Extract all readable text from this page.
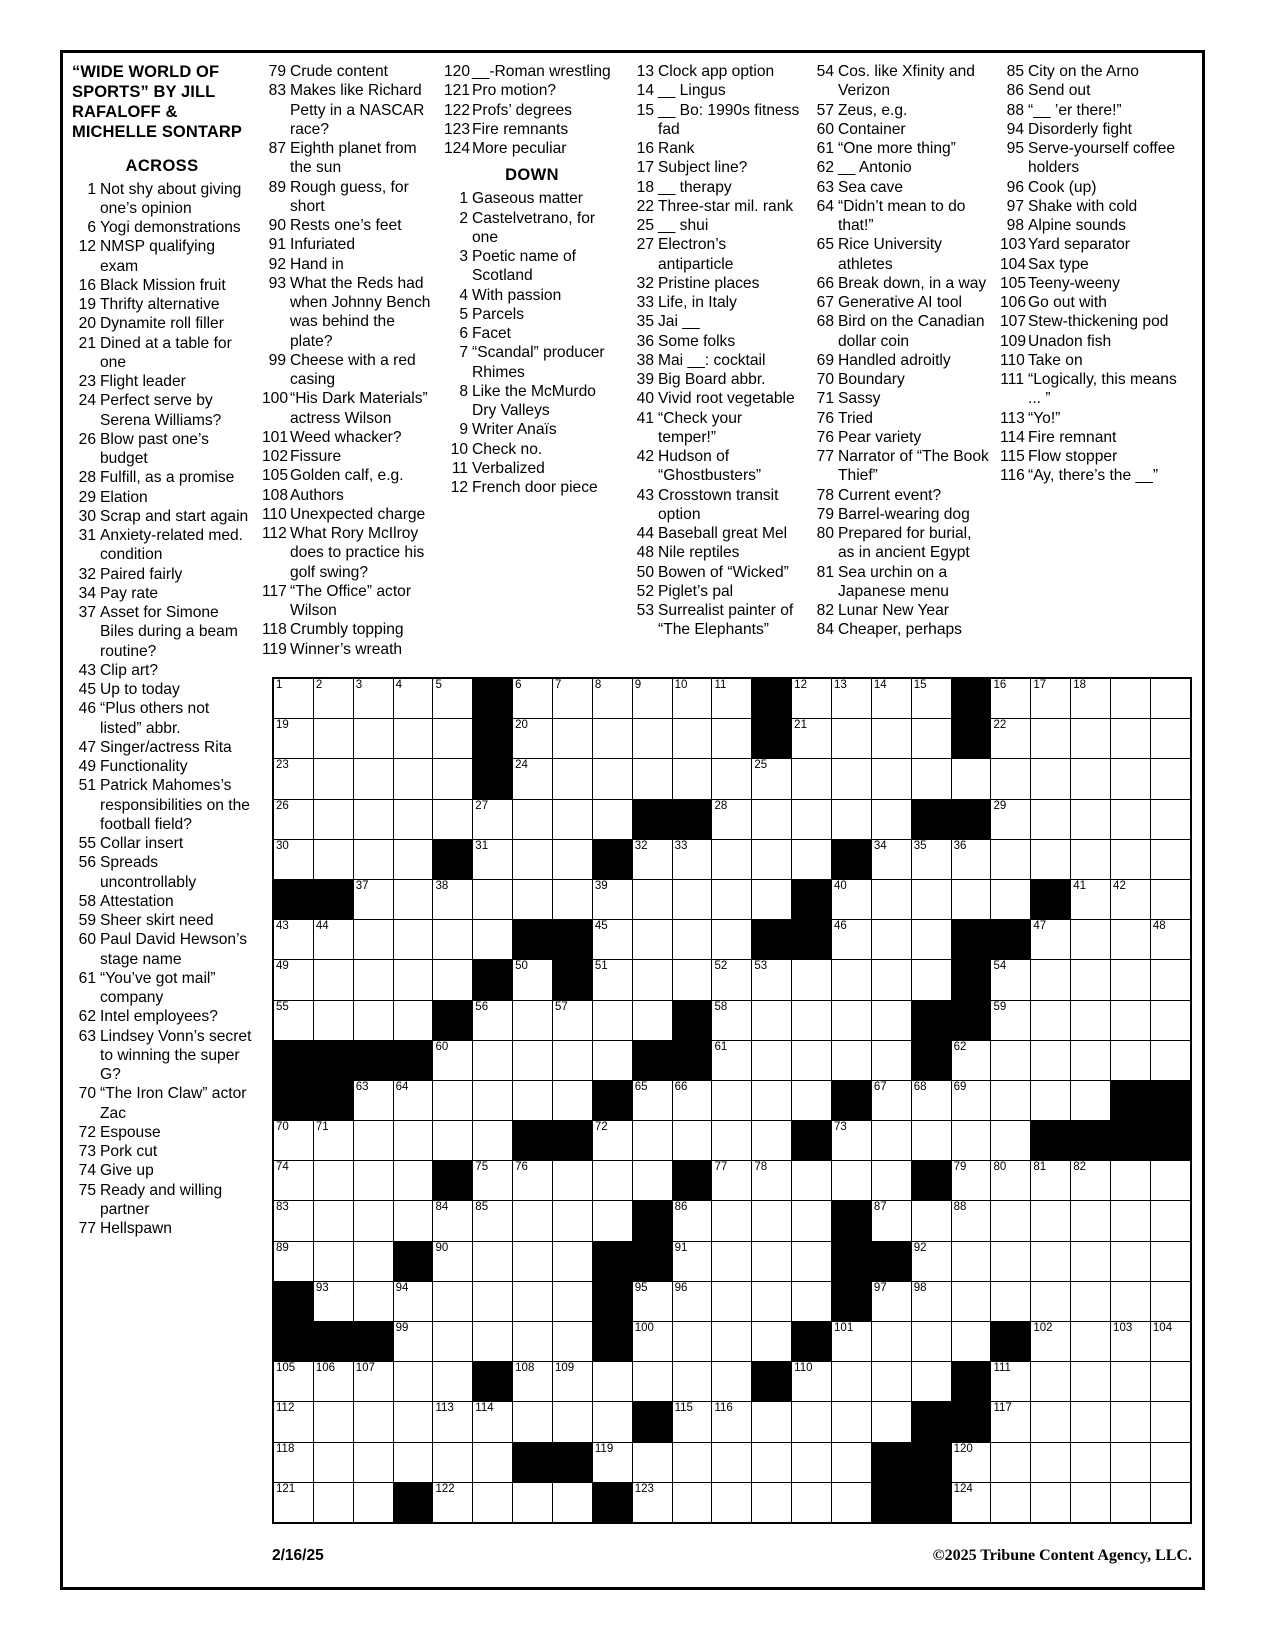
“WIDE WORLD OF SPORTS” BY JILL RAFALOFF & MICHELLE SONTARP
ACROSS
1 Not shy about giving one’s opinion
6 Yogi demonstrations
12 NMSP qualifying exam
16 Black Mission fruit
19 Thrifty alternative
20 Dynamite roll filler
21 Dined at a table for one
23 Flight leader
24 Perfect serve by Serena Williams?
26 Blow past one’s budget
28 Fulfill, as a promise
29 Elation
30 Scrap and start again
31 Anxiety-related med. condition
32 Paired fairly
34 Pay rate
37 Asset for Simone Biles during a beam routine?
43 Clip art?
45 Up to today
46 “Plus others not listed” abbr.
47 Singer/actress Rita
49 Functionality
51 Patrick Mahomes’s responsibilities on the football field?
55 Collar insert
56 Spreads uncontrollably
58 Attestation
59 Sheer skirt need
60 Paul David Hewson’s stage name
61 “You’ve got mail” company
62 Intel employees?
63 Lindsey Vonn’s secret to winning the super G?
70 “The Iron Claw” actor Zac
72 Espouse
73 Pork cut
74 Give up
75 Ready and willing partner
77 Hellspawn
79 Crude content
83 Makes like Richard Petty in a NASCAR race?
87 Eighth planet from the sun
89 Rough guess, for short
90 Rests one’s feet
91 Infuriated
92 Hand in
93 What the Reds had when Johnny Bench was behind the plate?
99 Cheese with a red casing
100 “His Dark Materials” actress Wilson
101 Weed whacker?
102 Fissure
105 Golden calf, e.g.
108 Authors
110 Unexpected charge
112 What Rory McIlroy does to practice his golf swing?
117 “The Office” actor Wilson
118 Crumbly topping
119 Winner’s wreath
120 __-Roman wrestling
121 Pro motion?
122 Profs’ degrees
123 Fire remnants
124 More peculiar
DOWN
1 Gaseous matter
2 Castelvetrano, for one
3 Poetic name of Scotland
4 With passion
5 Parcels
6 Facet
7 “Scandal” producer Rhimes
8 Like the McMurdo Dry Valleys
9 Writer Anaïs
10 Check no.
11 Verbalized
12 French door piece
13 Clock app option
14 __ Lingus
15 __ Bo: 1990s fitness fad
16 Rank
17 Subject line?
18 __ therapy
22 Three-star mil. rank
25 __ shui
27 Electron’s antiparticle
32 Pristine places
33 Life, in Italy
35 Jai __
36 Some folks
38 Mai __: cocktail
39 Big Board abbr.
40 Vivid root vegetable
41 “Check your temper!”
42 Hudson of “Ghostbusters”
43 Crosstown transit option
44 Baseball great Mel
48 Nile reptiles
50 Bowen of “Wicked”
52 Piglet’s pal
53 Surrealist painter of “The Elephants”
54 Cos. like Xfinity and Verizon
57 Zeus, e.g.
60 Container
61 “One more thing”
62 __ Antonio
63 Sea cave
64 “Didn’t mean to do that!”
65 Rice University athletes
66 Break down, in a way
67 Generative AI tool
68 Bird on the Canadian dollar coin
69 Handled adroitly
70 Boundary
71 Sassy
76 Tried
76 Pear variety
77 Narrator of “The Book Thief”
78 Current event?
79 Barrel-wearing dog
80 Prepared for burial, as in ancient Egypt
81 Sea urchin on a Japanese menu
82 Lunar New Year
84 Cheaper, perhaps
85 City on the Arno
86 Send out
88 “__ ’er there!”
94 Disorderly fight
95 Serve-yourself coffee holders
96 Cook (up)
97 Shake with cold
98 Alpine sounds
103 Yard separator
104 Sax type
105 Teeny-weeny
106 Go out with
107 Stew-thickening pod
109 Unadon fish
110 Take on
111 “Logically, this means ... ”
113 “Yo!”
114 Fire remnant
115 Flow stopper
116 “Ay, there’s the __”
1	2	3	4	5		6	7	8	9	10	11		12	13	14	15		16	17	18		

19						20							21					22				

23						24						25										

26					27						28							29				

30					31				32	33					34	35	36					

		37		38				39						40						41	42	

43	44							45						46					47			48

49						50		51			52	53						54				

55					56		57				58							59				

				60							61						62					

		63	64						65	66					67	68	69					

70	71							72						73								

74					75	76					77	78					79	80	81	82		

83				84	85					86					87		88					

89				90						91						92						

	93		94						95	96					97	98						

			99						100					101					102		103	104

105	106	107				108	109						110					111				

112				113	114					115	116							117				

118								119									120					

121				122					123								124					

2/16/25	©2025 Tribune Content Agency, LLC.
